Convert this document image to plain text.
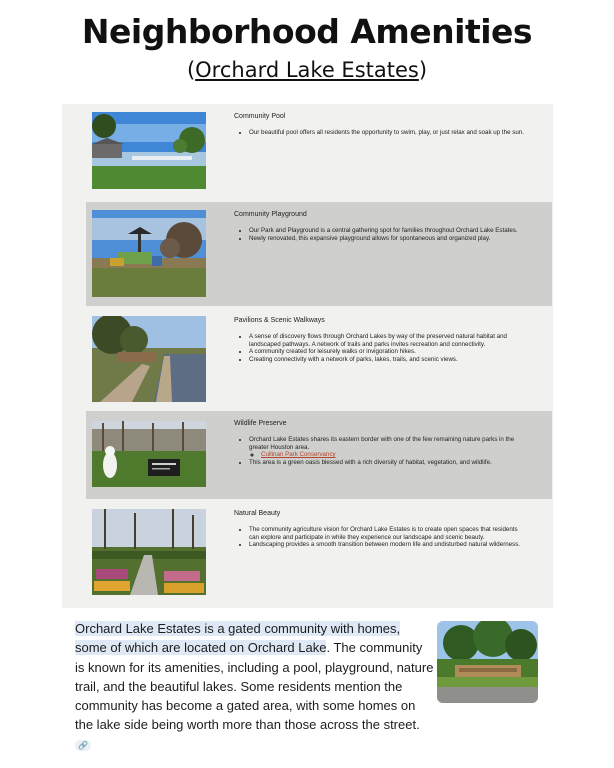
Neighborhood Amenities
(Orchard Lake Estates)
Community Pool
• Our beautiful pool offers all residents the opportunity to swim, play, or just relax and soak up the sun.
Community Playground
• Our Park and Playground is a central gathering spot for families throughout Orchard Lake Estates.
• Newly renovated, this expansive playground allows for spontaneous and organized play.
Pavilions & Scenic Walkways
• A sense of discovery flows through Orchard Lakes by way of the preserved natural habitat and landscaped pathways. A network of trails and parks invites recreation and connectivity.
• A community created for leisurely walks or invigoration hikes.
• Creating connectivity with a network of parks, lakes, trails, and scenic views.
Wildlife Preserve
• Orchard Lake Estates shares its eastern border with one of the few remaining nature parks in the greater Houston area.
◦ Cullinan Park Conservancy
• This area is a green oasis blessed with a rich diversity of habitat, vegetation, and wildlife.
Natural Beauty
• The community agriculture vision for Orchard Lake Estates is to create open spaces that residents can explore and participate in while they experience our landscape and scenic beauty.
• Landscaping provides a smooth transition between modern life and undisturbed natural wilderness.
Orchard Lake Estates is a gated community with homes, some of which are located on Orchard Lake. The community is known for its amenities, including a pool, playground, nature trail, and the beautiful lakes. Some residents mention the community has become a gated area, with some homes on the lake side being worth more than those across the street. 🔗
